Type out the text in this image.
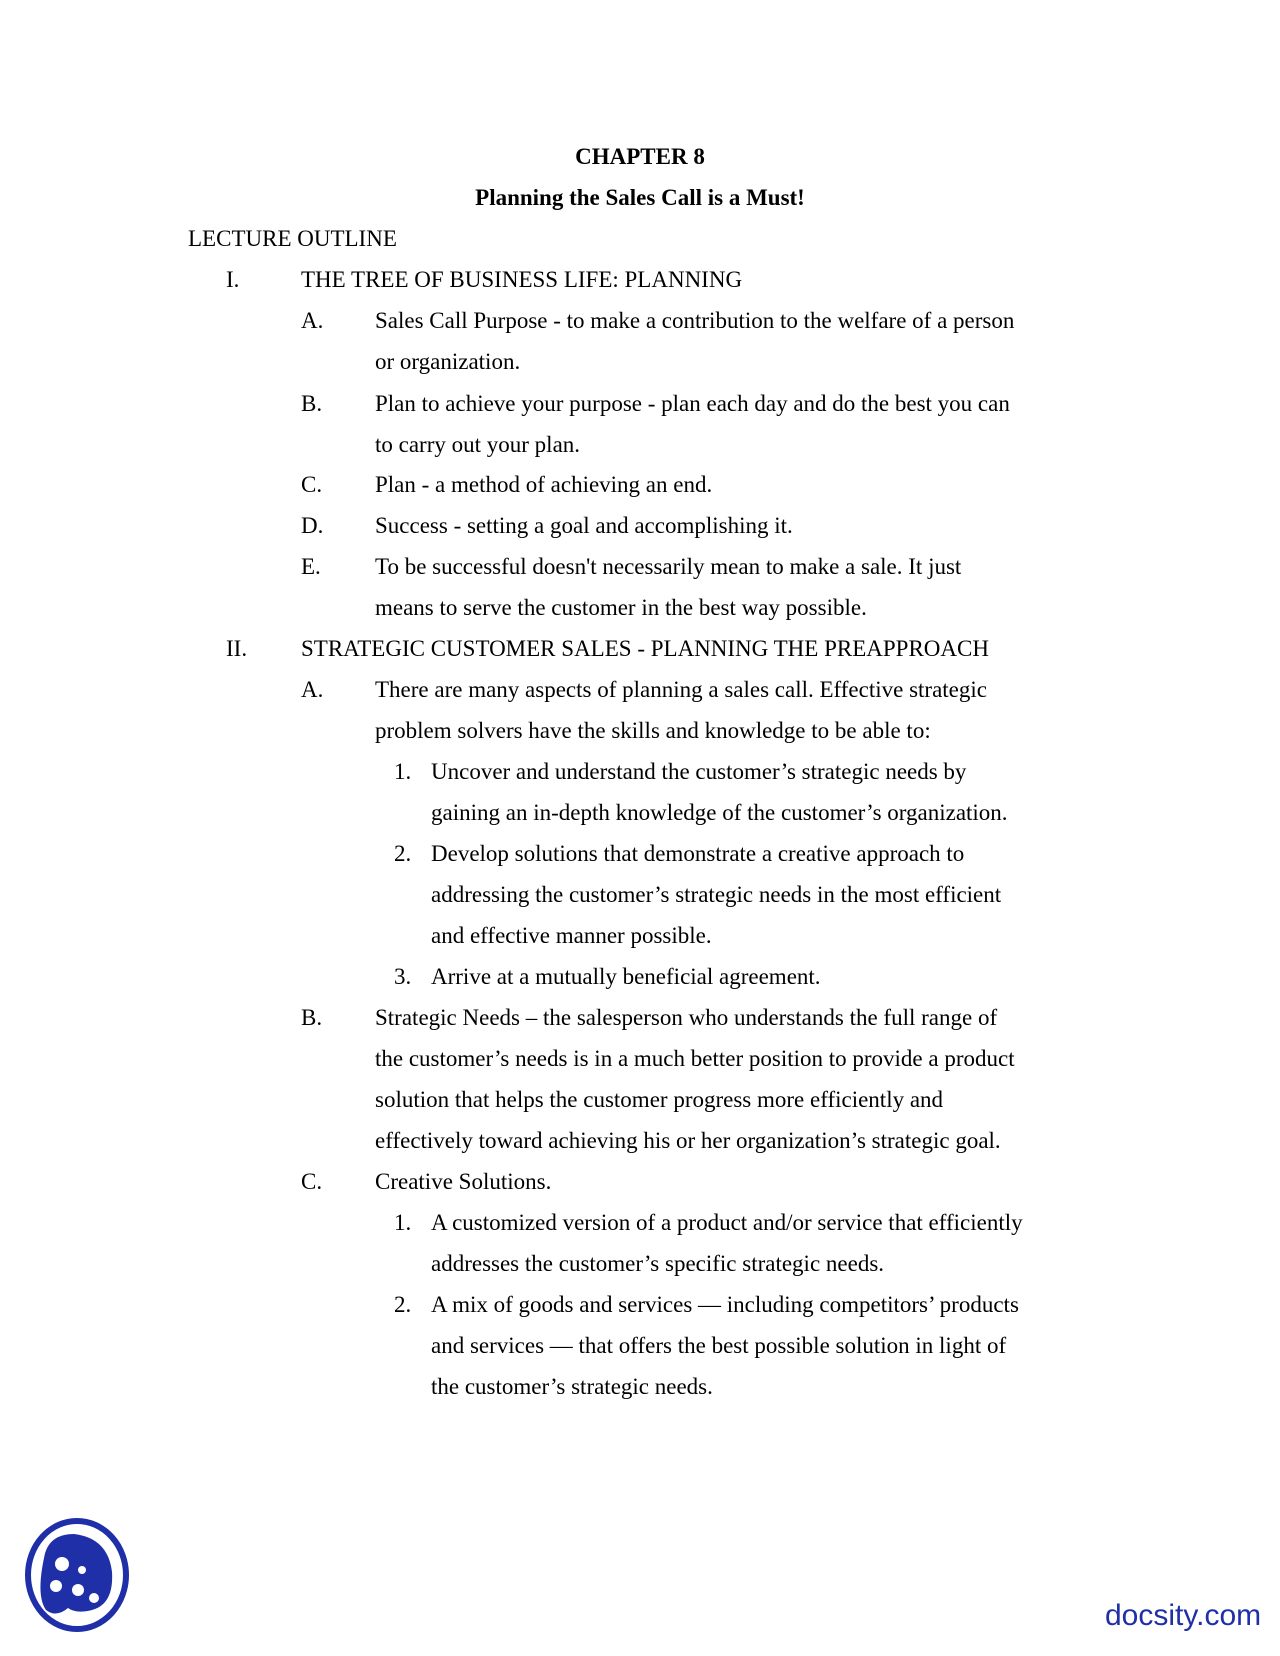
CHAPTER 8
Planning the Sales Call is a Must!
LECTURE OUTLINE
I.	THE TREE OF BUSINESS LIFE: PLANNING
A. Sales Call Purpose - to make a contribution to the welfare of a person
or organization.
B. Plan to achieve your purpose - plan each day and do the best you can
to carry out your plan.
C. Plan - a method of achieving an end.
D. Success - setting a goal and accomplishing it.
E. To be successful doesn't necessarily mean to make a sale. It just
means to serve the customer in the best way possible.
II. STRATEGIC CUSTOMER SALES - PLANNING THE PREAPPROACH
A. There are many aspects of planning a sales call. Effective strategic
problem solvers have the skills and knowledge to be able to:
1. Uncover and understand the customer’s strategic needs by
gaining an in-depth knowledge of the customer’s organization.
2. Develop solutions that demonstrate a creative approach to
addressing the customer’s strategic needs in the most efficient
and effective manner possible.
3. Arrive at a mutually beneficial agreement.
B. Strategic Needs – the salesperson who understands the full range of
the customer’s needs is in a much better position to provide a product
solution that helps the customer progress more efficiently and
effectively toward achieving his or her organization’s strategic goal.
C. Creative Solutions.
1. A customized version of a product and/or service that efficiently
addresses the customer’s specific strategic needs.
2. A mix of goods and services — including competitors’ products
and services — that offers the best possible solution in light of
the customer’s strategic needs.
docsity.com
